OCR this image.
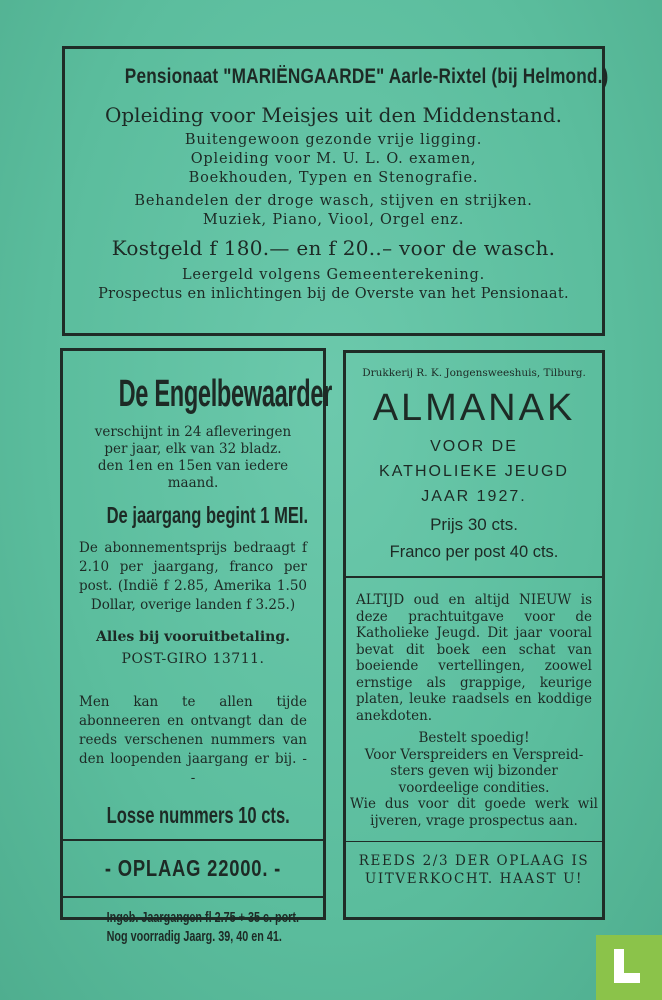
Pensionaat "MARIËNGAARDE" Aarle-Rixtel (bij Helmond.)

Opleiding voor Meisjes uit den Middenstand.

Buitengewoon gezonde vrije ligging.

Opleiding voor M. U. L. O. examen,

Boekhouden, Typen en Stenografie.

Behandelen der droge wasch, stijven en strijken.

Muziek, Piano, Viool, Orgel enz.

Kostgeld f 180.— en f 20..– voor de wasch.

Leergeld volgens Gemeenterekening.

Prospectus en inlichtingen bij de Overste van het Pensionaat.

De Engelbewaarder

verschijnt in 24 afleveringen

per jaar, elk van 32 bladz.

den 1en en 15en van iedere maand.

De jaargang begint 1 MEI.

De abonnementsprijs bedraagt f 2.10 per jaargang, franco per post. (Indië f 2.85, Amerika 1.50 Dollar, overige landen f 3.25.)

Alles bij vooruitbetaling.

POST-GIRO 13711.

Men kan te allen tijde abonneeren en ontvangt dan de reeds verschenen nummers van den loopenden jaargang er bij. - -

Losse nummers 10 cts.
- OPLAAG 22000. -
Ingeb. Jaargangen fl 2.75 + 35 c. port.
Nog voorradig Jaarg. 39, 40 en 41.

Drukkerij R. K. Jongensweeshuis, Tilburg.

ALMANAK

VOOR DE

KATHOLIEKE JEUGD

JAAR 1927.

Prijs 30 cts.

Franco per post 40 cts.

ALTIJD oud en altijd NIEUW is deze prachtuitgave voor de Katholieke Jeugd. Dit jaar vooral bevat dit boek een schat van boeiende vertellingen, zoowel ernstige als grappige, keurige platen, leuke raadsels en koddige anekdoten.

Bestelt spoedig!

Voor Verspreiders en Verspreid-

sters geven wij bizonder

voordeelige condities.

Wie dus voor dit goede werk wil ijveren, vrage prospectus aan.

REEDS 2/3 DER OPLAAG IS

UITVERKOCHT. HAAST U!
